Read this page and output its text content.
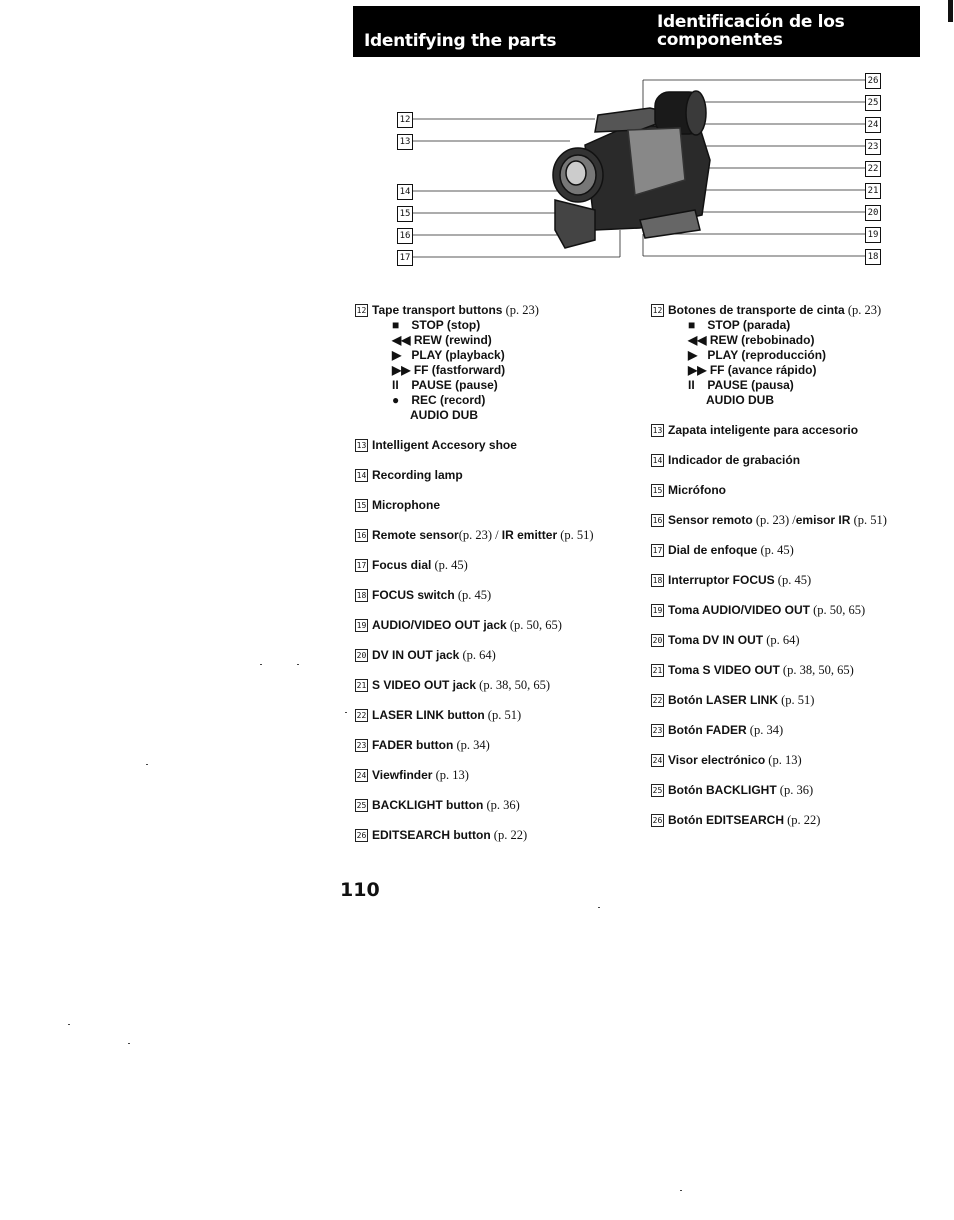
Identifying the parts
Identificación de los componentes
12
13
14
15
16
17
26
25
24
23
22
21
20
19
18
12 Tape transport buttons (p. 23)
■ STOP (stop)
◀◀ REW (rewind)
▶ PLAY (playback)
▶▶ FF (fastforward)
II PAUSE (pause)
● REC (record)
AUDIO DUB
13 Intelligent Accesory shoe
14 Recording lamp
15 Microphone
16 Remote sensor(p. 23) / IR emitter (p. 51)
17 Focus dial (p. 45)
18 FOCUS switch (p. 45)
19 AUDIO/VIDEO OUT jack (p. 50, 65)
20 DV IN OUT jack (p. 64)
21 S VIDEO OUT jack (p. 38, 50, 65)
22 LASER LINK button (p. 51)
23 FADER button (p. 34)
24 Viewfinder (p. 13)
25 BACKLIGHT button (p. 36)
26 EDITSEARCH button (p. 22)
12 Botones de transporte de cinta (p. 23)
■ STOP (parada)
◀◀ REW (rebobinado)
▶ PLAY (reproducción)
▶▶ FF (avance rápido)
II PAUSE (pausa)
AUDIO DUB
13 Zapata inteligente para accesorio
14 Indicador de grabación
15 Micrófono
16 Sensor remoto (p. 23) /emisor IR (p. 51)
17 Dial de enfoque (p. 45)
18 Interruptor FOCUS (p. 45)
19 Toma AUDIO/VIDEO OUT (p. 50, 65)
20 Toma DV IN OUT (p. 64)
21 Toma S VIDEO OUT (p. 38, 50, 65)
22 Botón LASER LINK (p. 51)
23 Botón FADER (p. 34)
24 Visor electrónico (p. 13)
25 Botón BACKLIGHT (p. 36)
26 Botón EDITSEARCH (p. 22)
110
